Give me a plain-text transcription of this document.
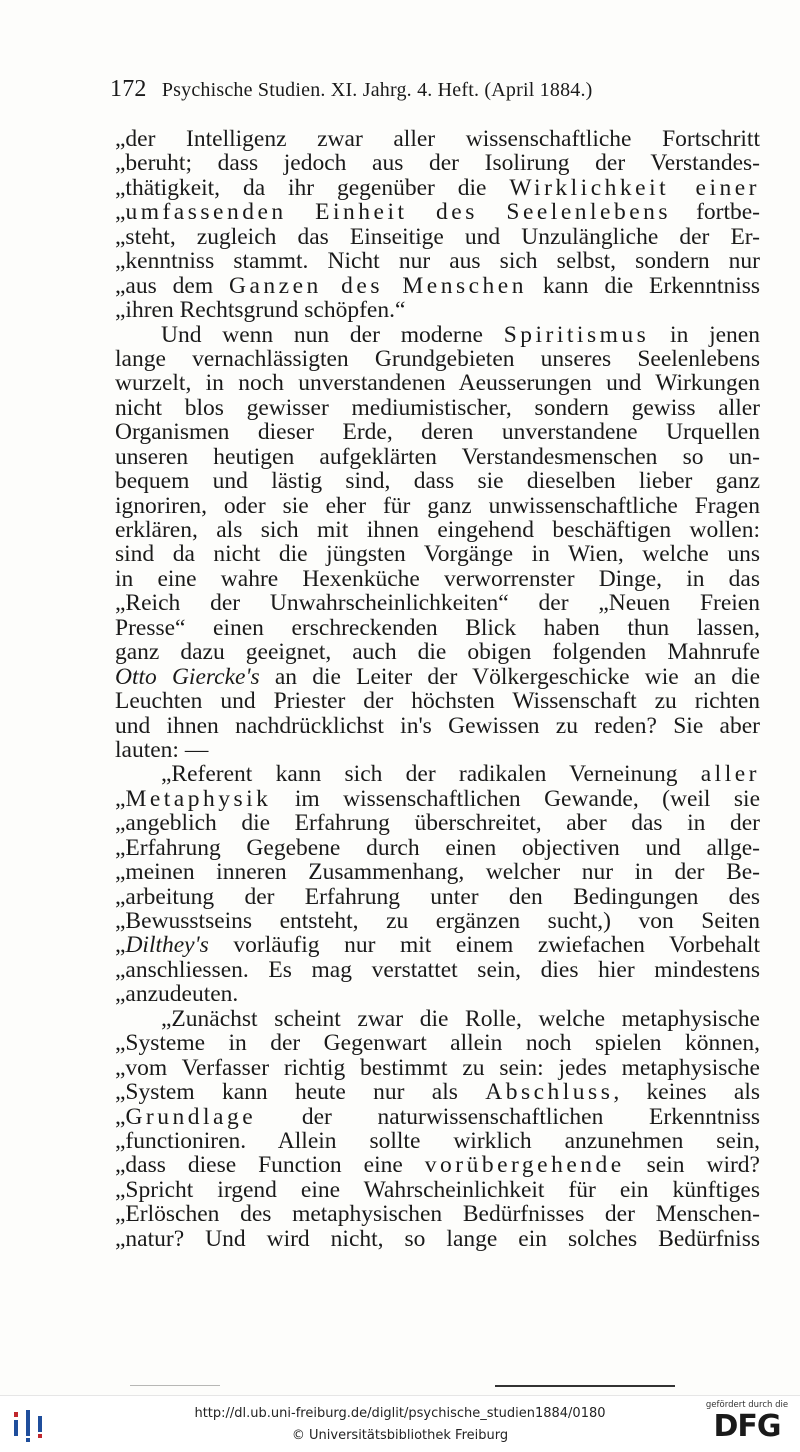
172 Psychische Studien. XI. Jahrg. 4. Heft. (April 1884.)
„der Intelligenz zwar aller wissenschaftliche Fortschritt
„beruht; dass jedoch aus der Isolirung der Verstandes-
„thätigkeit, da ihr gegenüber die Wirklichkeit einer
„umfassenden Einheit des Seelenlebens fortbe-
„steht, zugleich das Einseitige und Unzulängliche der Er-
„kenntniss stammt. Nicht nur aus sich selbst, sondern nur
„aus dem Ganzen des Menschen kann die Erkenntniss
„ihren Rechtsgrund schöpfen.“
Und wenn nun der moderne Spiritismus in jenen
lange vernachlässigten Grundgebieten unseres Seelenlebens
wurzelt, in noch unverstandenen Aeusserungen und Wirkungen
nicht blos gewisser mediumistischer, sondern gewiss aller
Organismen dieser Erde, deren unverstandene Urquellen
unseren heutigen aufgeklärten Verstandesmenschen so un-
bequem und lästig sind, dass sie dieselben lieber ganz
ignoriren, oder sie eher für ganz unwissenschaftliche Fragen
erklären, als sich mit ihnen eingehend beschäftigen wollen:
sind da nicht die jüngsten Vorgänge in Wien, welche uns
in eine wahre Hexenküche verworrenster Dinge, in das
„Reich der Unwahrscheinlichkeiten“ der „Neuen Freien
Presse“ einen erschreckenden Blick haben thun lassen,
ganz dazu geeignet, auch die obigen folgenden Mahnrufe
Otto Giercke's an die Leiter der Völkergeschicke wie an die
Leuchten und Priester der höchsten Wissenschaft zu richten
und ihnen nachdrücklichst in's Gewissen zu reden? Sie aber
lauten: —
„Referent kann sich der radikalen Verneinung aller
„Metaphysik im wissenschaftlichen Gewande, (weil sie
„angeblich die Erfahrung überschreitet, aber das in der
„Erfahrung Gegebene durch einen objectiven und allge-
„meinen inneren Zusammenhang, welcher nur in der Be-
„arbeitung der Erfahrung unter den Bedingungen des
„Bewusstseins entsteht, zu ergänzen sucht,) von Seiten
„Dilthey's vorläufig nur mit einem zwiefachen Vorbehalt
„anschliessen. Es mag verstattet sein, dies hier mindestens
„anzudeuten.
„Zunächst scheint zwar die Rolle, welche metaphysische
„Systeme in der Gegenwart allein noch spielen können,
„vom Verfasser richtig bestimmt zu sein: jedes metaphysische
„System kann heute nur als Abschluss, keines als
„Grundlage der naturwissenschaftlichen Erkenntniss
„functioniren. Allein sollte wirklich anzunehmen sein,
„dass diese Function eine vorübergehende sein wird?
„Spricht irgend eine Wahrscheinlichkeit für ein künftiges
„Erlöschen des metaphysischen Bedürfnisses der Menschen-
„natur? Und wird nicht, so lange ein solches Bedürfniss
http://dl.ub.uni-freiburg.de/diglit/psychische_studien1884/0180
© Universitätsbibliothek Freiburg
gefördert durch die
DFG
